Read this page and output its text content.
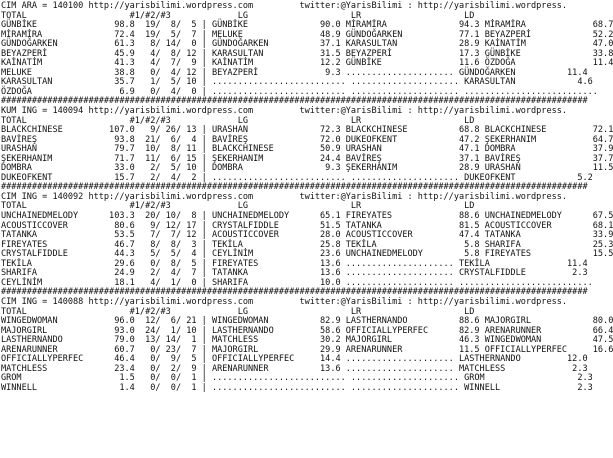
CIM ARA = 140100 http://yarisbilimi.wordpress.com         twitter:@YarisBilimi : http://yarisbilimi.wordpress.
TOTAL                    #1/#2/#3             LG                    LR                    LD
GÜNBİKE               98.8  19/  8/  5 | GÜNBİKE              90.0 MİRAMİRA              94.3 MİRAMİRA             68.7
MİRAMİRA              72.4  19/  5/  7 | MELUKE               48.9 GÜNDOĞARKEN           77.1 BEYAZPERİ            52.2
GÜNDOĞARKEN           61.3   8/ 14/  0 | GÜNDOĞARKEN          37.1 KARASULTAN            28.9 KAİNATİM             47.0
BEYAZPERİ             45.9   4/  8/ 12 | KARASULTAN           31.5 BEYAZPERİ             17.3 GÜNBİKE              33.8
KAİNATİM              41.3   4/  7/  9 | KAİNATİM             12.2 GÜNBİKE               11.6 ÖZDOĞA               11.4
MELUKE                38.8   0/  4/ 12 | BEYAZPERİ             9.3 ..................... GÜNDOĞARKEN          11.4
KARASULTAN            35.7   1/  5/ 10 | .......................... ..................... KARASULTAN            4.6
ÖZDOĞA                 6.9   0/  4/  0 | .......................... ..................... ..........................
##################################################################################################################
KUM ING = 140094 http://yarisbilimi.wordpress.com         twitter:@YarisBilimi : http://yarisbilimi.wordpress.
TOTAL                    #1/#2/#3             LG                    LR                    LD
BLACKCHINESE         107.0   9/ 26/ 13 | URASHAN              72.3 BLACKCHINESE          68.8 BLACKCHINESE         72.1
BAVİREŞ               93.8  21/  6/  4 | BAVİREŞ              72.0 DUKEOFKENT            47.2 ŞEKERHANIM           64.7
URASHAN               79.7  10/  8/ 11 | BLACKCHINESE         50.9 URASHAN               47.1 DOMBRA               37.9
ŞEKERHANIM            71.7  11/  6/ 15 | ŞEKERHANIM           24.4 BAVİREŞ               37.1 BAVİREŞ              37.7
DOMBRA                33.0   2/  5/ 10 | DOMBRA                9.3 ŞEKERHANIM            28.9 URASHAN              11.5
DUKEOFKENT            15.7   2/  4/  2 | .......................... ..................... DUKEOFKENT            5.2
##################################################################################################################
CIM ING = 140092 http://yarisbilimi.wordpress.com         twitter:@YarisBilimi : http://yarisbilimi.wordpress.
TOTAL                    #1/#2/#3             LG                    LR                    LD
UNCHAINEDMELODY      103.3  20/ 10/  8 | UNCHAINEDMELODY      65.1 FIREYATES             88.6 UNCHAINEDMELODY      67.5
ACOUSTICCOVER         80.6   9/ 12/ 17 | CRYSTALFIDDLE        51.5 TATANKA               81.5 ACOUSTICCOVER        68.1
TATANKA               53.5   7/  7/ 12 | ACOUSTICCOVER        28.0 ACOUSTICCOVER         47.4 TATANKA              33.9
FIREYATES             46.7   8/  8/  3 | TEKİLA               25.8 TEKİLA                 5.8 SHARIFA              25.3
CRYSTALFIDDLE         44.3   5/  5/  4 | CEYLİNİM             23.6 UNCHAINEDMELODY        5.8 FIREYATES            15.5
TEKİLA                29.6   0/  8/  5 | FIREYATES            13.6 ..................... TEKİLA               11.4
SHARIFA               24.9   2/  4/  7 | TATANKA              13.6 ..................... CRYSTALFIDDLE         2.3
CEYLİNİM              18.1   4/  1/  0 | SHARIFA              10.0 ..................... ..........................
##################################################################################################################
CIM ING = 140088 http://yarisbilimi.wordpress.com         twitter:@YarisBilimi : http://yarisbilimi.wordpress.
TOTAL                    #1/#2/#3             LG                    LR                    LD
WINGEDWOMAN           96.0  12/  6/ 21 | WINGEDWOMAN          82.9 LASTHERNANDO          88.6 MAJORGIRL            80.0
MAJORGIRL             93.0  24/  1/ 10 | LASTHERNANDO         58.6 OFFICIALLYPERFEC      82.9 ARENARUNNER          66.4
LASTHERNANDO          79.0  13/ 14/  1 | MATCHLESS            30.2 MAJORGIRL             46.3 WINGEDWOMAN          47.5
ARENARUNNER           60.7   0/ 23/  7 | MAJORGIRL            29.9 ARENARUNNER           11.5 OFFICIALLYPERFEC     16.6
OFFICIALLYPERFEC      46.4   0/  9/  5 | OFFICIALLYPERFEC     14.4 ..................... LASTHERNANDO         12.0
MATCHLESS             23.4   0/  2/  9 | ARENARUNNER          13.6 ..................... MATCHLESS             2.3
GROM                   1.5   0/  0/  1 | .......................... ..................... GROM                  2.3
WINNELL                1.4   0/  0/  1 | .......................... ..................... WINNELL               2.3
